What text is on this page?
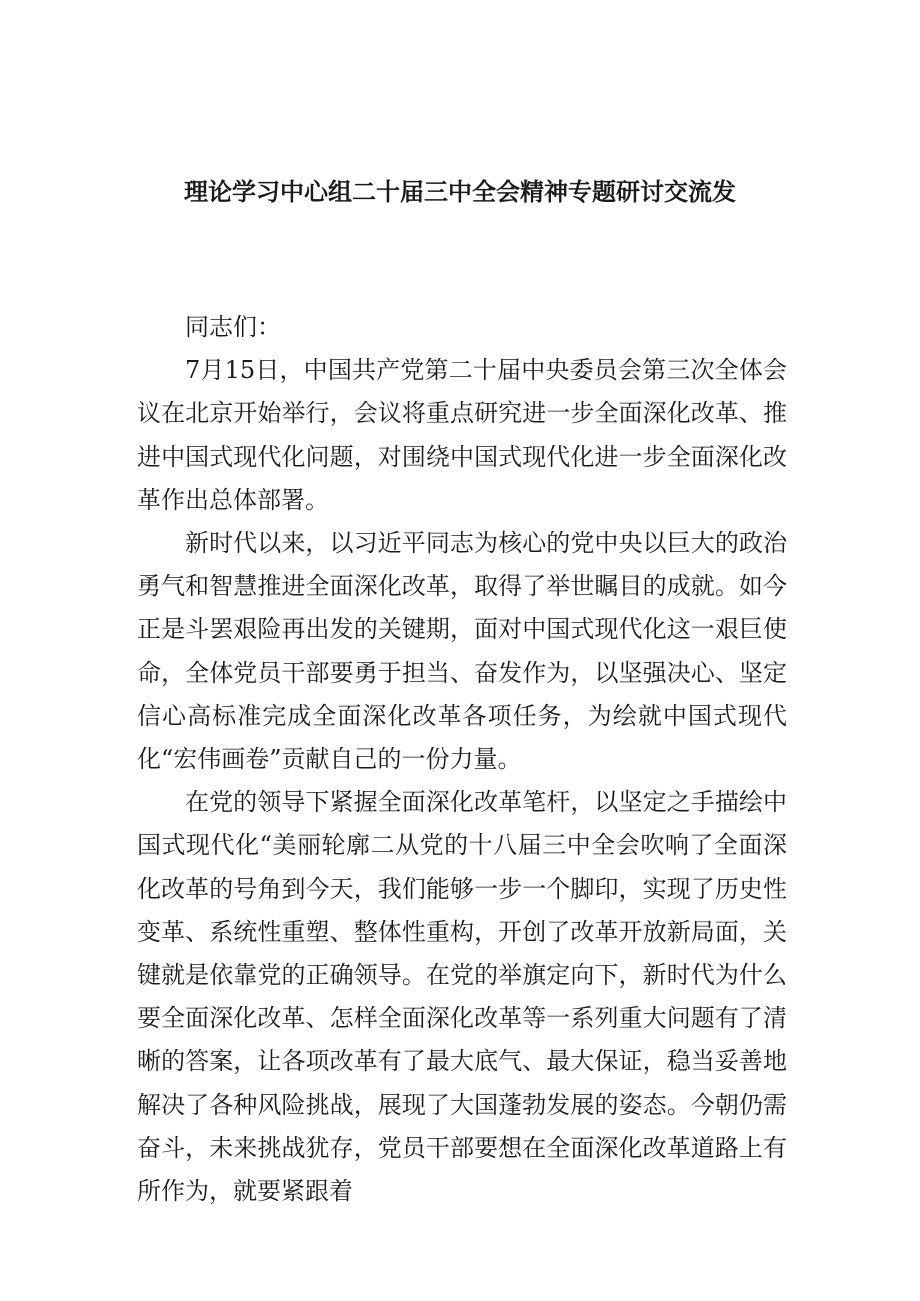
理论学习中心组二十届三中全会精神专题研讨交流发

同志们：

7月15日，中国共产党第二十届中央委员会第三次全体会议在北京开始举行，会议将重点研究进一步全面深化改革、推进中国式现代化问题，对围绕中国式现代化进一步全面深化改革作出总体部署。

新时代以来，以习近平同志为核心的党中央以巨大的政治勇气和智慧推进全面深化改革，取得了举世瞩目的成就。如今正是斗罢艰险再出发的关键期，面对中国式现代化这一艰巨使命，全体党员干部要勇于担当、奋发作为，以坚强决心、坚定信心高标准完成全面深化改革各项任务，为绘就中国式现代化“宏伟画卷”贡献自己的一份力量。

在党的领导下紧握全面深化改革笔杆，以坚定之手描绘中国式现代化“美丽轮廓二从党的十八届三中全会吹响了全面深化改革的号角到今天，我们能够一步一个脚印，实现了历史性变革、系统性重塑、整体性重构，开创了改革开放新局面，关键就是依靠党的正确领导。在党的举旗定向下，新时代为什么要全面深化改革、怎样全面深化改革等一系列重大问题有了清晰的答案，让各项改革有了最大底气、最大保证，稳当妥善地解决了各种风险挑战，展现了大国蓬勃发展的姿态。今朝仍需奋斗，未来挑战犹存，党员干部要想在全面深化改革道路上有所作为，就要紧跟着
